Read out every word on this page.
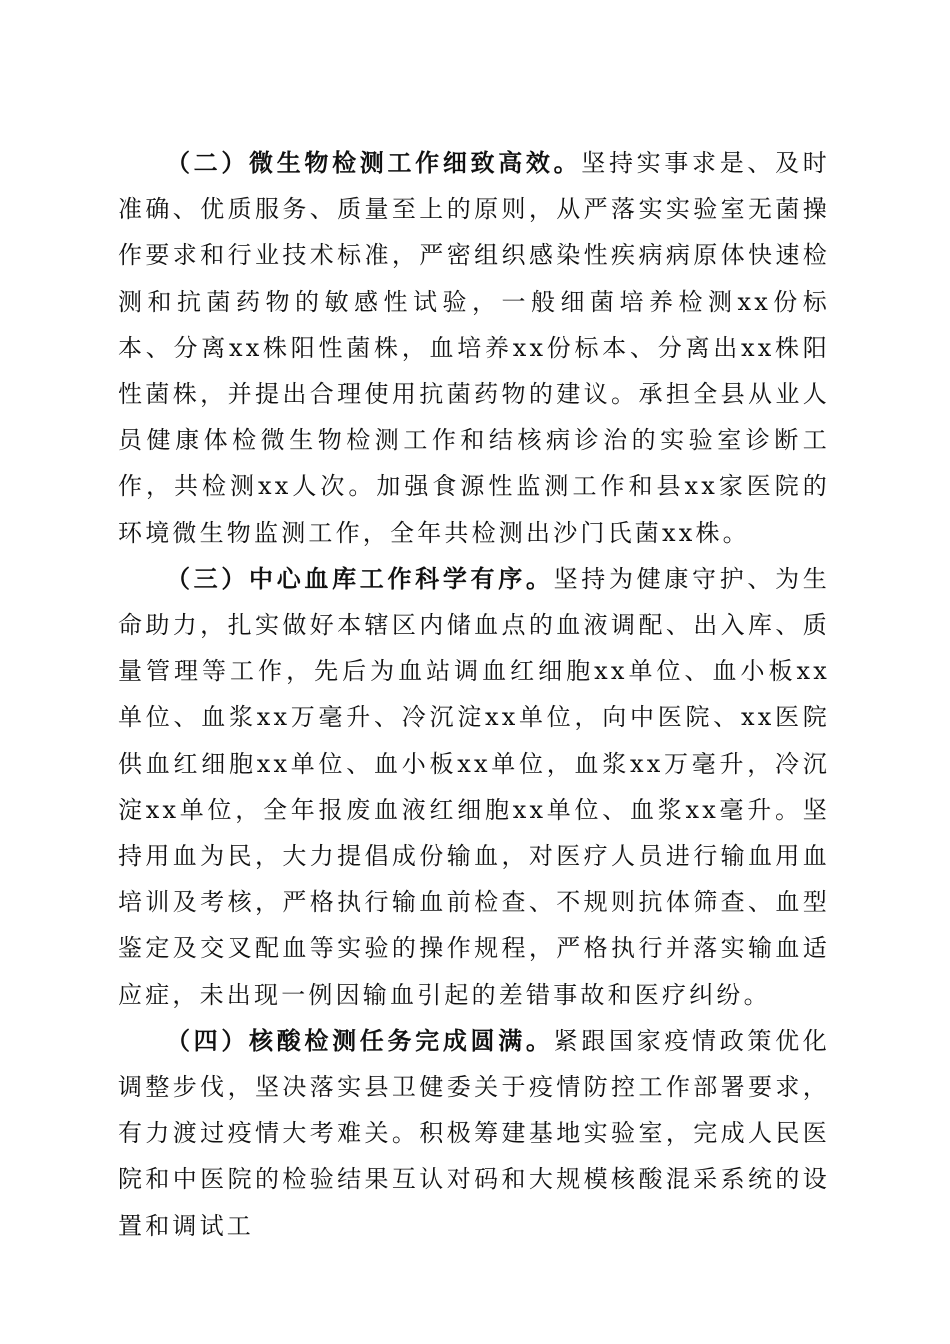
（二）微生物检测工作细致高效。坚持实事求是、及时准确、优质服务、质量至上的原则，从严落实实验室无菌操作要求和行业技术标准，严密组织感染性疾病病原体快速检测和抗菌药物的敏感性试验，一般细菌培养检测xx份标本、分离xx株阳性菌株，血培养xx份标本、分离出xx株阳性菌株，并提出合理使用抗菌药物的建议。承担全县从业人员健康体检微生物检测工作和结核病诊治的实验室诊断工作，共检测xx人次。加强食源性监测工作和县xx家医院的环境微生物监测工作，全年共检测出沙门氏菌xx株。

（三）中心血库工作科学有序。坚持为健康守护、为生命助力，扎实做好本辖区内储血点的血液调配、出入库、质量管理等工作，先后为血站调血红细胞xx单位、血小板xx单位、血浆xx万毫升、冷沉淀xx单位，向中医院、xx医院供血红细胞xx单位、血小板xx单位，血浆xx万毫升，冷沉淀xx单位，全年报废血液红细胞xx单位、血浆xx毫升。坚持用血为民，大力提倡成份输血，对医疗人员进行输血用血培训及考核，严格执行输血前检查、不规则抗体筛查、血型鉴定及交叉配血等实验的操作规程，严格执行并落实输血适应症，未出现一例因输血引起的差错事故和医疗纠纷。

（四）核酸检测任务完成圆满。紧跟国家疫情政策优化调整步伐，坚决落实县卫健委关于疫情防控工作部署要求，有力渡过疫情大考难关。积极筹建基地实验室，完成人民医院和中医院的检验结果互认对码和大规模核酸混采系统的设置和调试工
